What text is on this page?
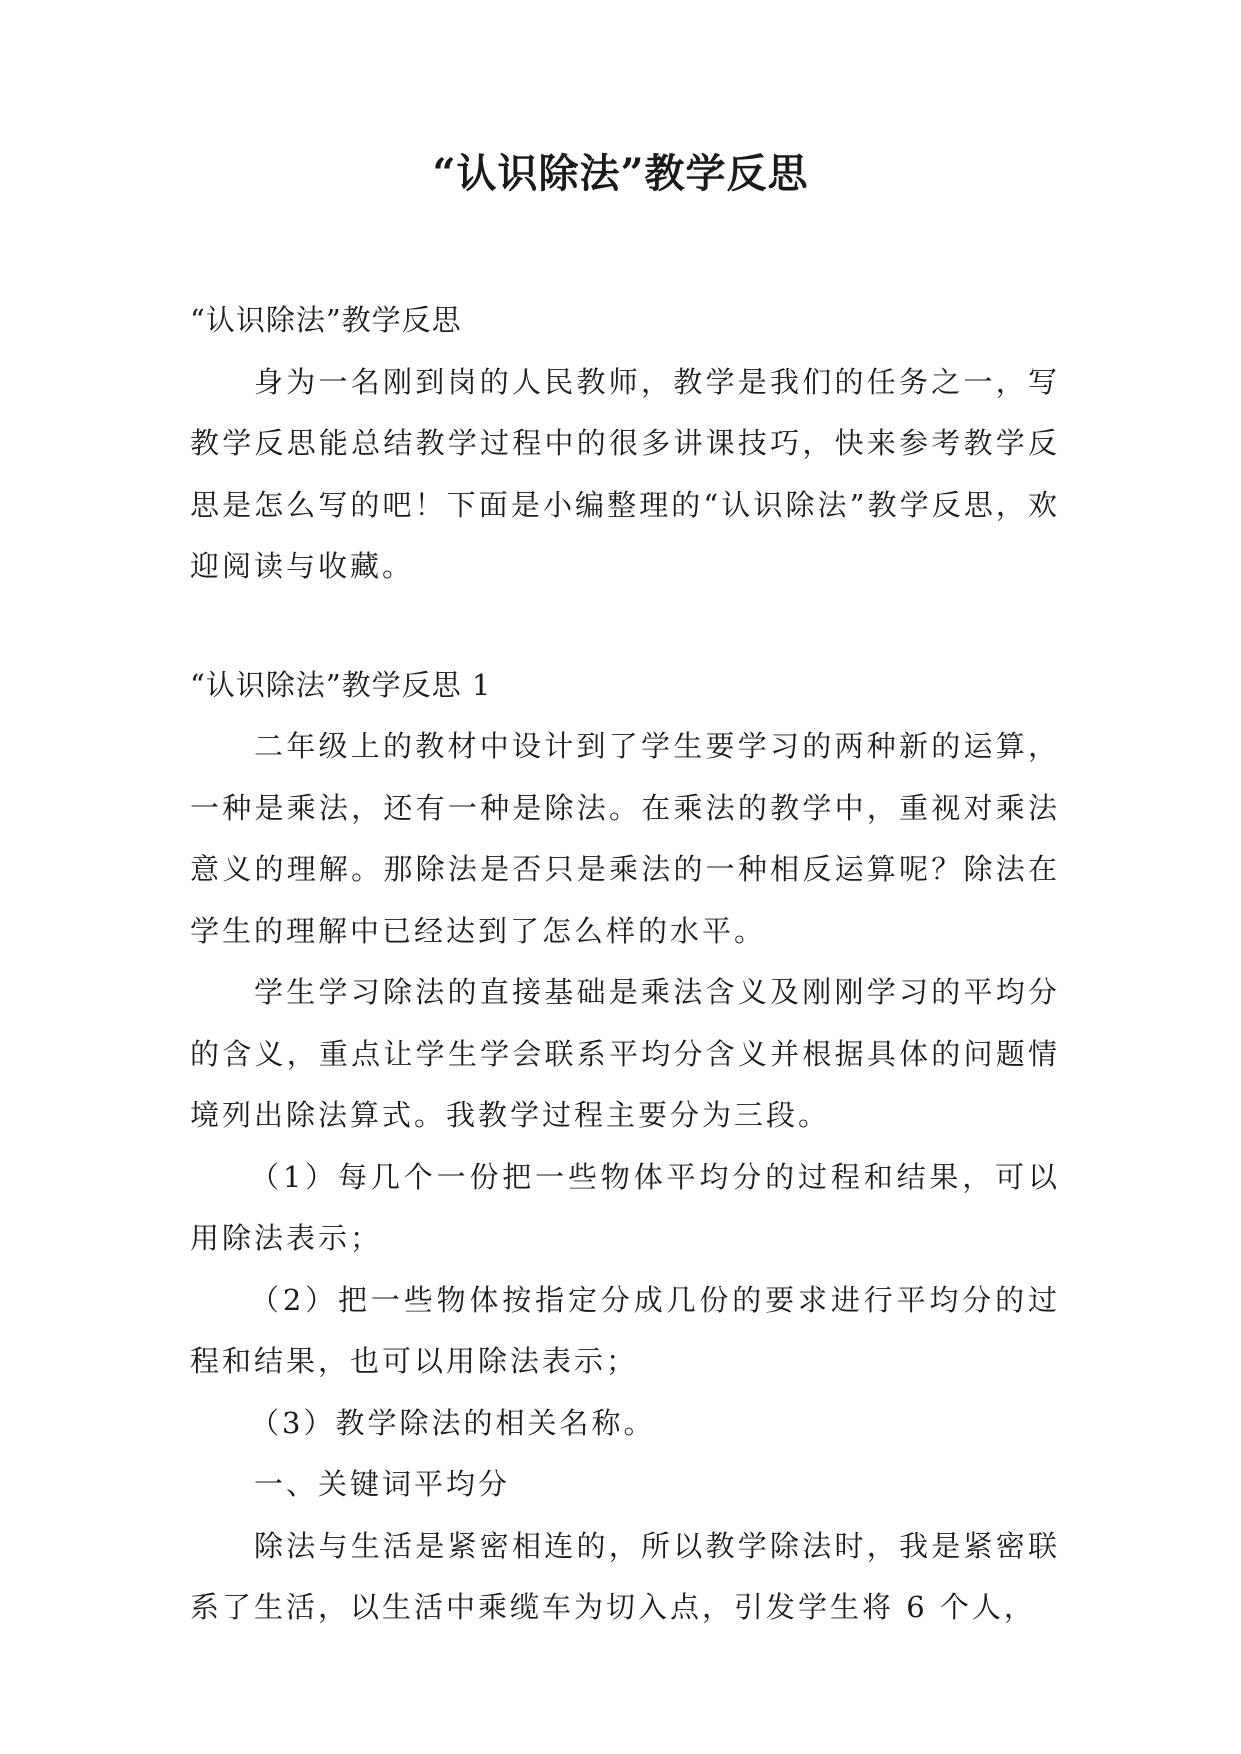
“认识除法”教学反思

“认识除法”教学反思

身为一名刚到岗的人民教师，教学是我们的任务之一，写教学反思能总结教学过程中的很多讲课技巧，快来参考教学反思是怎么写的吧！下面是小编整理的“认识除法”教学反思，欢迎阅读与收藏。

“认识除法”教学反思 1

二年级上的教材中设计到了学生要学习的两种新的运算，一种是乘法，还有一种是除法。在乘法的教学中，重视对乘法意义的理解。那除法是否只是乘法的一种相反运算呢？除法在学生的理解中已经达到了怎么样的水平。

学生学习除法的直接基础是乘法含义及刚刚学习的平均分的含义，重点让学生学会联系平均分含义并根据具体的问题情境列出除法算式。我教学过程主要分为三段。

（1）每几个一份把一些物体平均分的过程和结果，可以用除法表示；

（2）把一些物体按指定分成几份的要求进行平均分的过程和结果，也可以用除法表示；

（3）教学除法的相关名称。

一、关键词平均分

除法与生活是紧密相连的，所以教学除法时，我是紧密联系了生活，以生活中乘缆车为切入点，引发学生将 6 个人，
